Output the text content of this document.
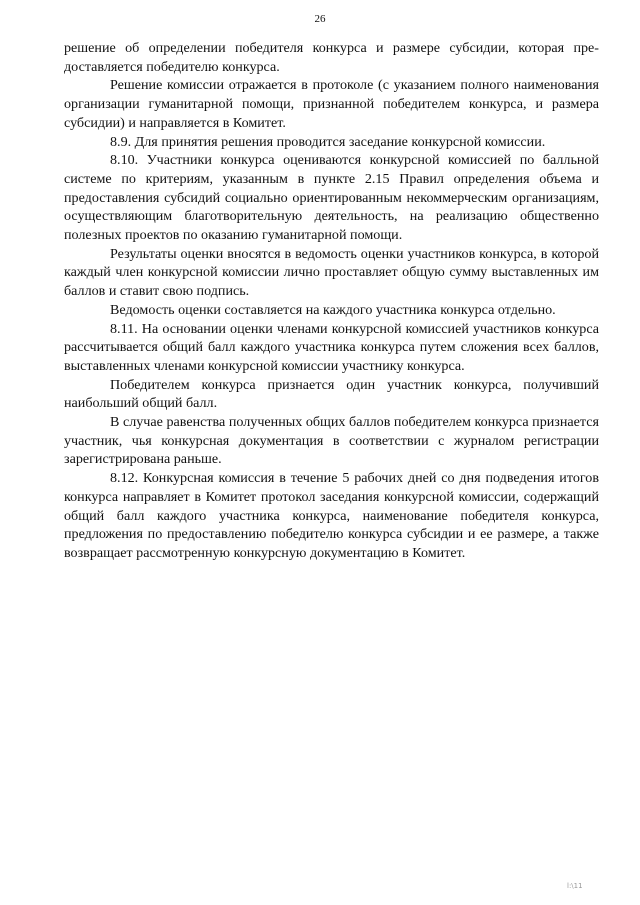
26

решение об определении победителя конкурса и размере субсидии, которая предоставляется победителю конкурса.

Решение комиссии отражается в протоколе (с указанием полного наименования организации гуманитарной помощи, признанной победителем конкурса, и размера субсидии) и направляется в Комитет.

8.9. Для принятия решения проводится заседание конкурсной комиссии.

8.10. Участники конкурса оцениваются конкурсной комиссией по балльной системе по критериям, указанным в пункте 2.15 Правил определения объема и предоставления субсидий социально ориентированным некоммерческим организациям, осуществляющим благотворительную деятельность, на реализацию общественно полезных проектов по оказанию гуманитарной помощи.

Результаты оценки вносятся в ведомость оценки участников конкурса, в которой каждый член конкурсной комиссии лично проставляет общую сумму выставленных им баллов и ставит свою подпись.

Ведомость оценки составляется на каждого участника конкурса отдельно.

8.11. На основании оценки членами конкурсной комиссией участников конкурса рассчитывается общий балл каждого участника конкурса путем сложения всех баллов, выставленных членами конкурсной комиссии участнику конкурса.

Победителем конкурса признается один участник конкурса, получивший наибольший общий балл.

В случае равенства полученных общих баллов победителем конкурса признается участник, чья конкурсная документация в соответствии с журналом регистрации зарегистрирована раньше.

8.12. Конкурсная комиссия в течение 5 рабочих дней со дня подведения итогов конкурса направляет в Комитет протокол заседания конкурсной комиссии, содержащий общий балл каждого участника конкурса, наименование победителя конкурса, предложения по предоставлению победителю конкурса субсидии и ее размере, а также возвращает рассмотренную конкурсную документацию в Комитет.

l:\11
